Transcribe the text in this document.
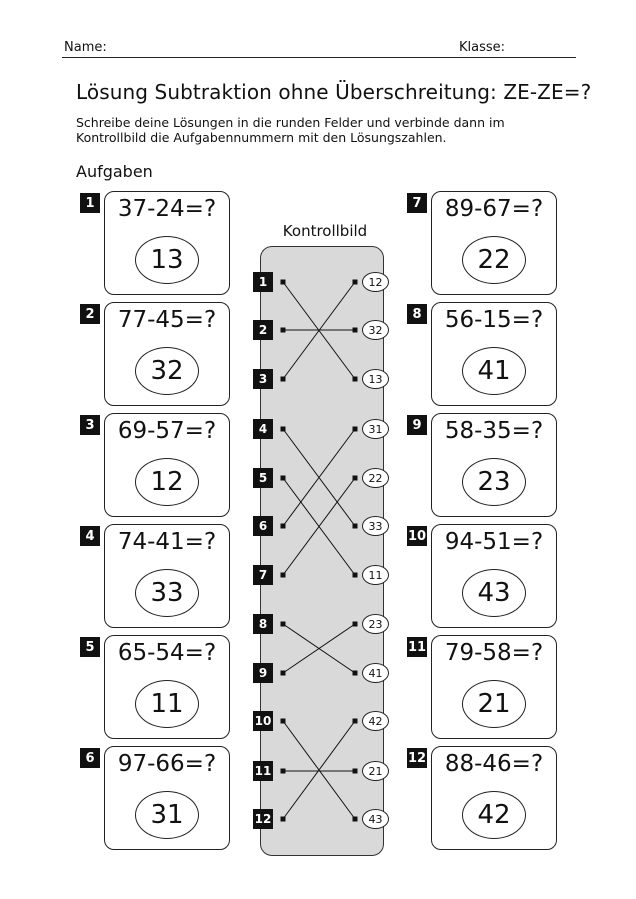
Name:	Klasse:
Lösung Subtraktion ohne Überschreitung: ZE-ZE=?
Schreibe deine Lösungen in die runden Felder und verbinde dann im Kontrollbild die Aufgabennummern mit den Lösungszahlen.
Aufgaben
37-24=?
13
1
77-45=?
32
2
69-57=?
12
3
74-41=?
33
4
65-54=?
11
5
97-66=?
31
6
89-67=?
22
7
56-15=?
41
8
58-35=?
23
9
94-51=?
43
10
79-58=?
21
11
88-46=?
42
12
Kontrollbild
1
2
3
4
5
6
7
8
9
10
11
12
12
32
13
31
22
33
11
23
41
42
21
43
